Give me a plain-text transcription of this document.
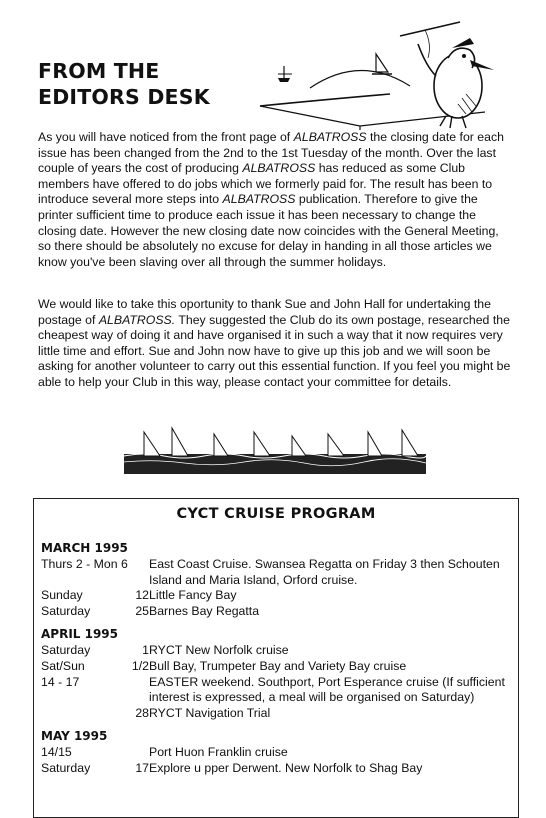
FROM THE
EDITORS DESK

As you will have noticed from the front page of ALBATROSS the closing date for each issue has been changed from the 2nd to the 1st Tuesday of the month. Over the last couple of years the cost of producing ALBATROSS has reduced as some Club members have offered to do jobs which we formerly paid for. The result has been to introduce several more steps into ALBATROSS publication. Therefore to give the printer sufficient time to produce each issue it has been necessary to change the closing date. However the new closing date now coincides with the General Meeting, so there should be absolutely no excuse for delay in handing in all those articles we know you've been slaving over all through the summer holidays.

We would like to take this oportunity to thank Sue and John Hall for undertaking the postage of ALBATROSS. They suggested the Club do its own postage, researched the cheapest way of doing it and have organised it in such a way that it now requires very little time and effort. Sue and John now have to give up this job and we will soon be asking for another volunteer to carry out this essential function. If you feel you might be able to help your Club in this way, please contact your committee for details.

CYCT CRUISE PROGRAM
MARCH 1995
Thurs 2 - Mon 6	East Coast Cruise. Swansea Regatta on Friday 3 then Schouten Island and Maria Island, Orford cruise.
Sunday	12 Little Fancy Bay
Saturday	25 Barnes Bay Regatta
APRIL 1995
Saturday	1 RYCT New Norfolk cruise
Sat/Sun	1/2 Bull Bay, Trumpeter Bay and Variety Bay cruise
14 - 17	EASTER weekend. Southport, Port Esperance cruise (If sufficient interest is expressed, a meal will be organised on Saturday)
28 RYCT Navigation Trial
MAY 1995
14/15	Port Huon Franklin cruise
Saturday	17 Explore u pper Derwent. New Norfolk to Shag Bay
